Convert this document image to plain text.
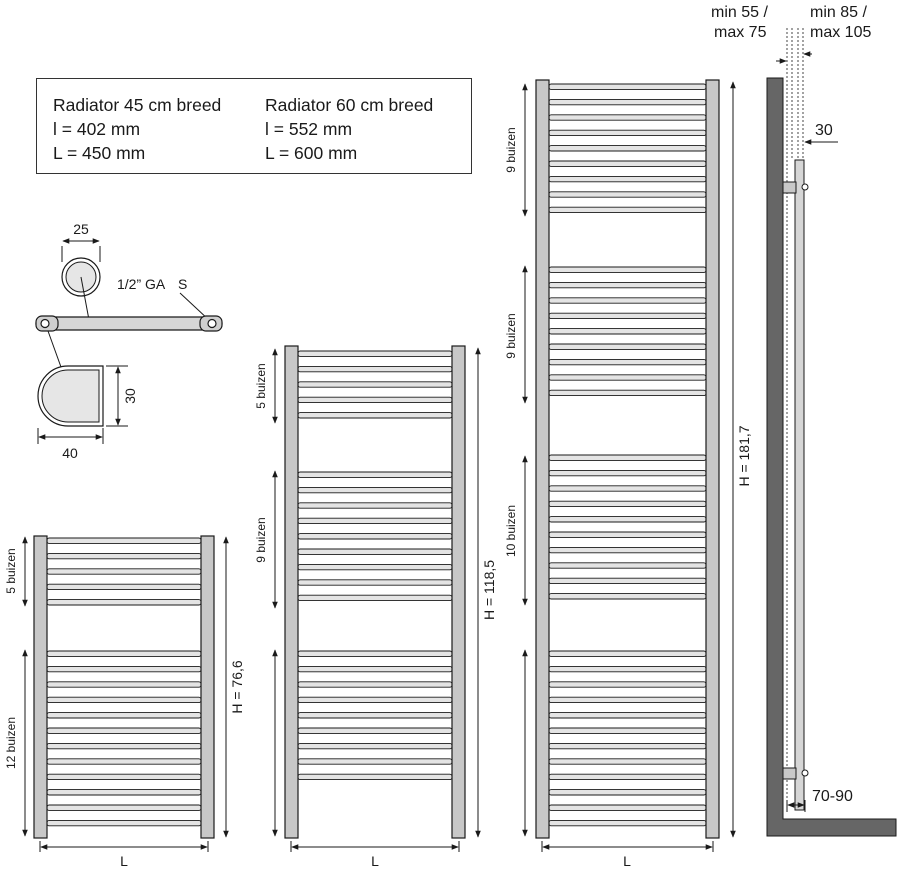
Radiator 45 cm breed
l = 402 mm
L = 450 mm
Radiator 60 cm breed
l = 552 mm
L = 600 mm
25
1/2” GA S
30
40
5 buizen
12 buizen
H = 76,6
L
5 buizen
9 buizen
H = 118,5
L
9 buizen
9 buizen
10 buizen
H = 181,7
L
min 55 /
max 75
min 85 /
max 105
30
70-90
